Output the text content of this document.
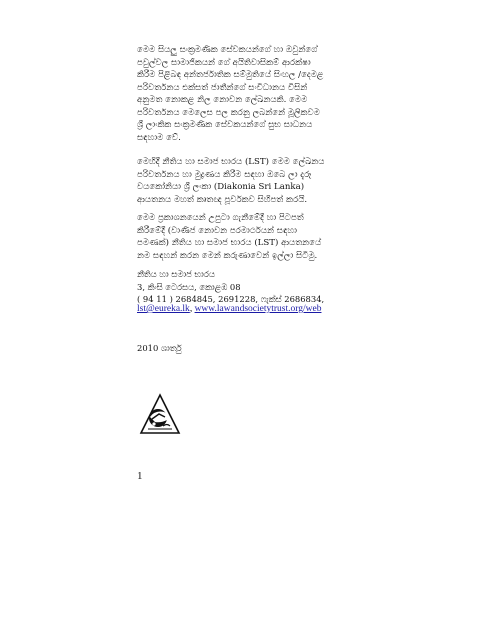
මෙම සියලු සංක්‍රමණික සේවකයන්ගේ හා ඔවුන්ගේ
පවුල්වල සාමාජිකයන් ගේ අයිතිවාසිකම් ආරක්ෂා
කිරීම පිළිබඳ අන්තර්ජාතික සම්මුතියේ සිංහල /දෙමළ
පරිවර්තනය එක්සත් ජාතීන්ගේ සංවිධානය විසින්
අනුමත නොකළ නිල නොවන ලේඛනයකි. මෙම
පරිවර්තනය මෙලෙස පල කරනු ලබන්නේ මූලිකවම
ශ්‍රී ලාංකික සංක්‍රමණික සේවකයන්ගේ සුභ සාධනය
සඳහාම වේ.
මෙහිදී නීතිය හා සමාජ භාරය (LST) මෙම ලේඛනය
පරිවර්තනය හා මුද්‍රණය කිරීම සඳහා ඔබෙ ලා දැරූ
වයකෝනියා ශ්‍රී ලංකා (Diakonia Sri Lanka)
ආයතනය මහත් කෘතඥ පූර්වකව සිහිපත් කරයි.
මෙම ප්‍රකාශනයෙන් උපුටා ගැනීමේදී හා පිටපත්
කිරීමේදී (වාණිජ නොවන පරමාර්ථයන් සඳහා
පමණක්) නීතිය හා සමාජ භාරය (LST) ආයතනයේ
නම සඳහන් කරන මෙන් කරුණාවෙන් ඉල්ලා සිටිමු.
නීතිය හා සමාජ භාරය
3, කිංසි ටෙරසය, කොළඹ 08
( 94 11 ) 2684845, 2691228, ෆැක්ස් 2686834,
lst@eureka.lk, www.lawandsocietytrust.org/web
2010 ශාර්තු
1
